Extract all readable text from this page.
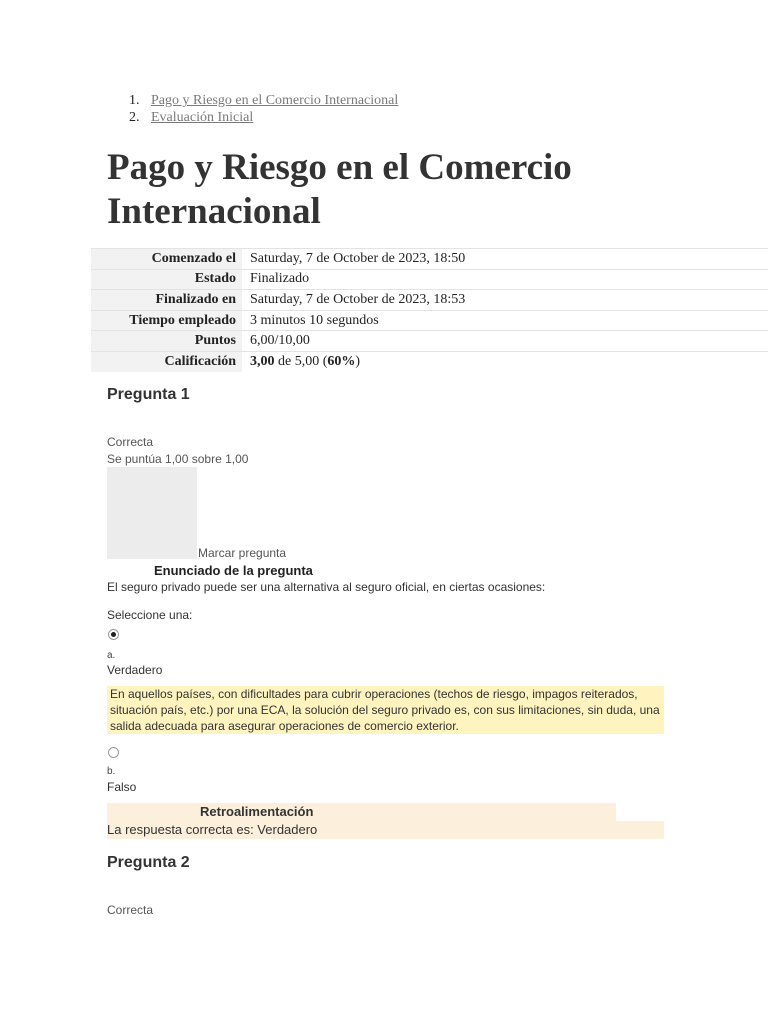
1. Pago y Riesgo en el Comercio Internacional
2. Evaluación Inicial
Pago y Riesgo en el Comercio Internacional
Comenzado el	Saturday, 7 de October de 2023, 18:50
Estado	Finalizado
Finalizado en	Saturday, 7 de October de 2023, 18:53
Tiempo empleado	3 minutos 10 segundos
Puntos	6,00/10,00
Calificación	3,00 de 5,00 (60%)
Pregunta 1
Correcta
Se puntúa 1,00 sobre 1,00
Marcar pregunta
Enunciado de la pregunta
El seguro privado puede ser una alternativa al seguro oficial, en ciertas ocasiones:
Seleccione una:
a.
Verdadero
En aquellos países, con dificultades para cubrir operaciones (techos de riesgo, impagos reiterados, situación país, etc.) por una ECA, la solución del seguro privado es, con sus limitaciones, sin duda, una salida adecuada para asegurar operaciones de comercio exterior.
b.
Falso
Retroalimentación
La respuesta correcta es: Verdadero
Pregunta 2
Correcta
